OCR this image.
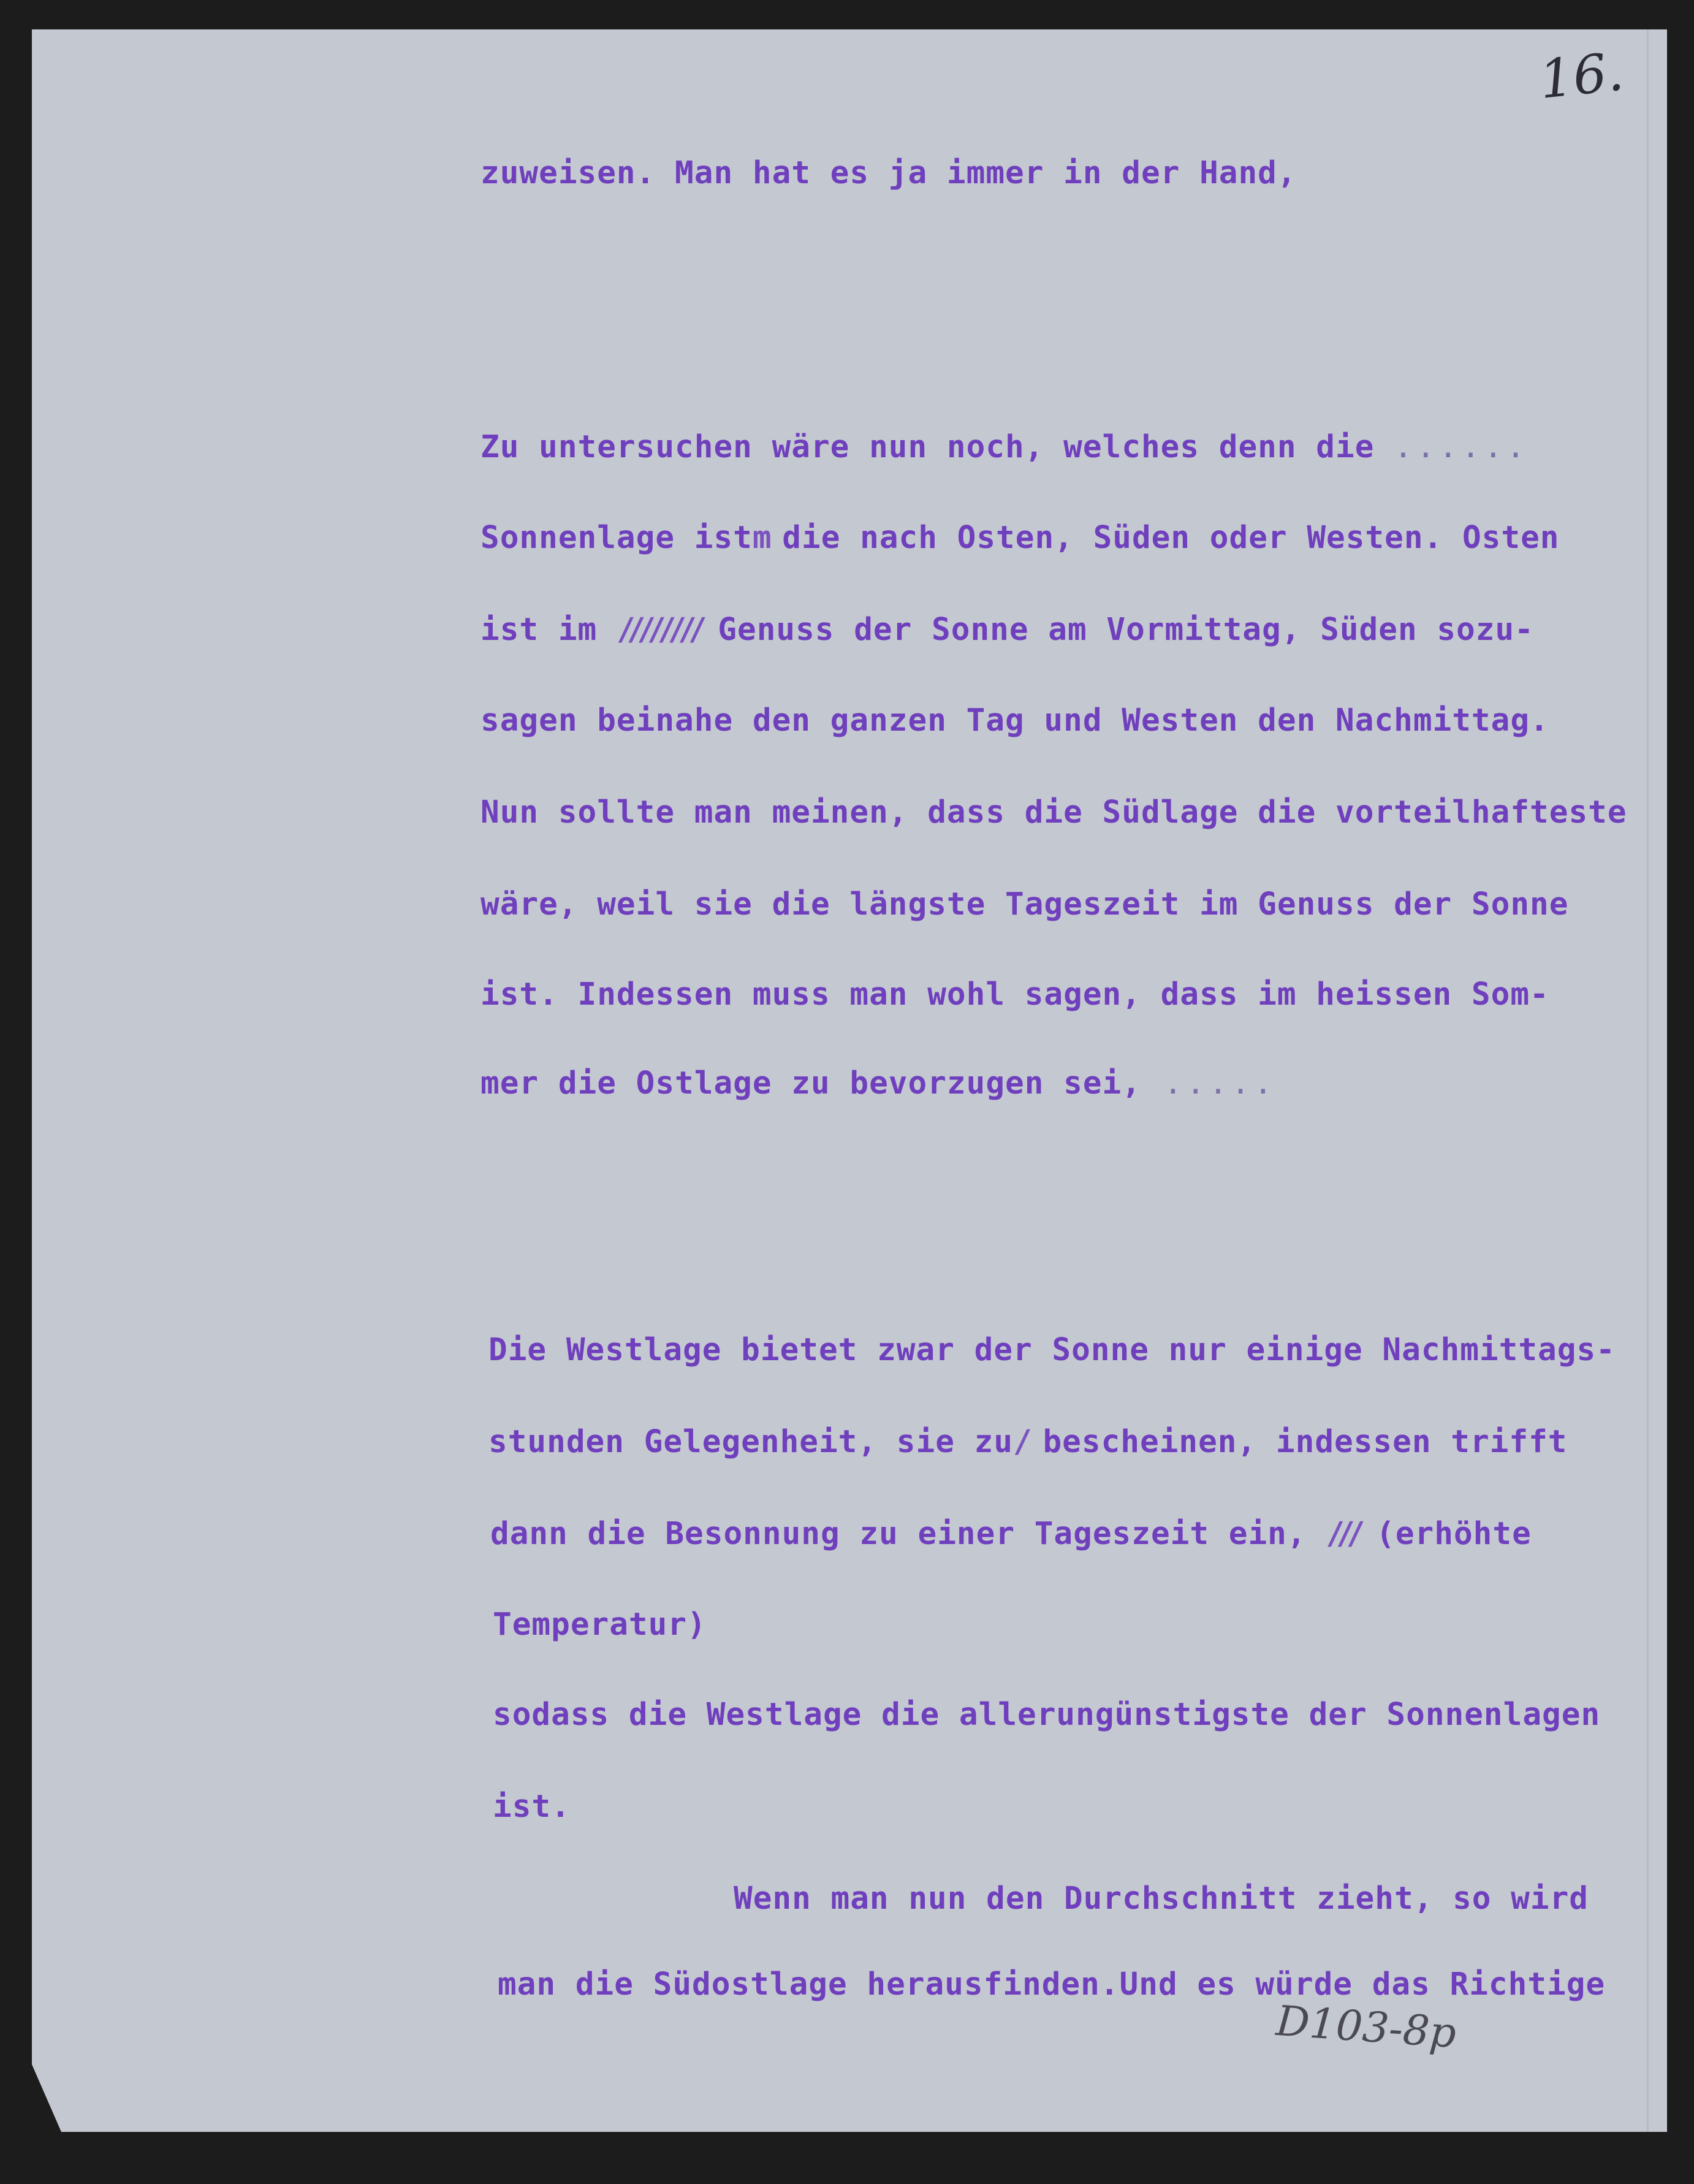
16.
zuweisen. Man hat es ja immer in der Hand,
Zu untersuchen wäre nun noch, welches denn die ......
Sonnenlage istm die nach Osten, Süden oder Westen. Osten
ist im //////// Genuss der Sonne am Vormittag, Süden sozu-
sagen beinahe den ganzen Tag und Westen den Nachmittag.
Nun sollte man meinen, dass die Südlage die vorteilhafteste
wäre, weil sie die längste Tageszeit im Genuss der Sonne
ist. Indessen muss man wohl sagen, dass im heissen Som-
mer die Ostlage zu bevorzugen sei, .....
Die Westlage bietet zwar der Sonne nur einige Nachmittags-
stunden Gelegenheit, sie zu/ bescheinen, indessen trifft
dann die Besonnung zu einer Tageszeit ein, /// (erhöhte
Temperatur)
sodass die Westlage die allerungünstigste der Sonnenlagen
ist.
Wenn man nun den Durchschnitt zieht, so wird
man die Südostlage herausfinden.Und es würde das Richtige
D103-8p
